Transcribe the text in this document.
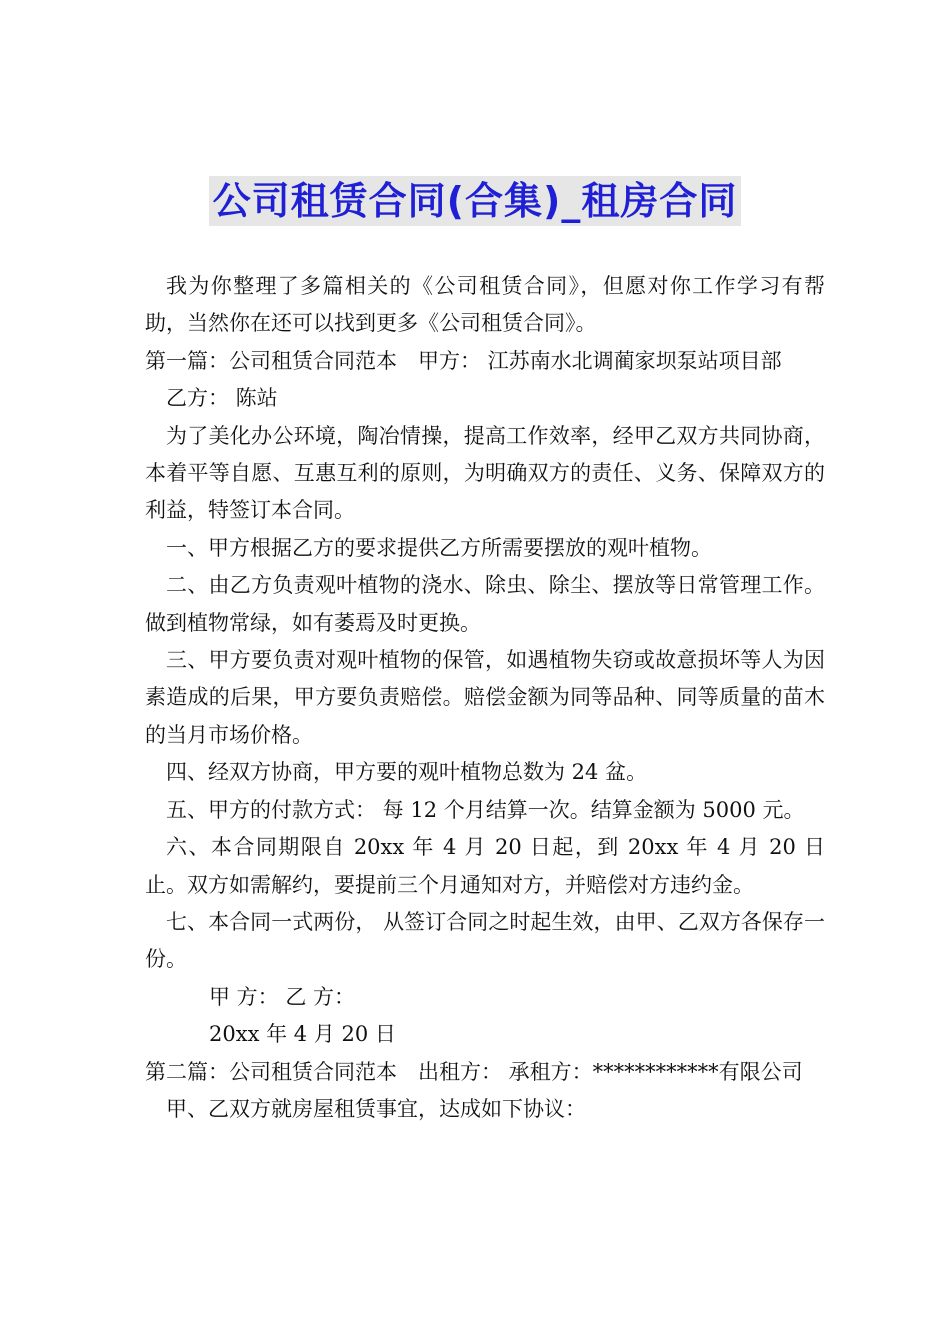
公司租赁合同(合集)_租房合同

我为你整理了多篇相关的《公司租赁合同》，但愿对你工作学习有帮助，当然你在还可以找到更多《公司租赁合同》。

第一篇：公司租赁合同范本　甲方： 江苏南水北调蔺家坝泵站项目部

乙方： 陈站

为了美化办公环境，陶冶情操，提高工作效率，经甲乙双方共同协商，本着平等自愿、互惠互利的原则，为明确双方的责任、义务、保障双方的利益，特签订本合同。

一、甲方根据乙方的要求提供乙方所需要摆放的观叶植物。

二、由乙方负责观叶植物的浇水、除虫、除尘、摆放等日常管理工作。做到植物常绿，如有萎焉及时更换。

三、甲方要负责对观叶植物的保管，如遇植物失窃或故意损坏等人为因素造成的后果，甲方要负责赔偿。赔偿金额为同等品种、同等质量的苗木的当月市场价格。

四、经双方协商，甲方要的观叶植物总数为 24 盆。

五、甲方的付款方式： 每 12 个月结算一次。结算金额为 5000 元。

六、本合同期限自 20xx 年 4 月 20 日起，到 20xx 年 4 月 20 日 止。双方如需解约，要提前三个月通知对方，并赔偿对方违约金。

七、本合同一式两份， 从签订合同之时起生效，由甲、乙双方各保存一份。

甲 方： 乙 方：

20xx 年 4 月 20 日

第二篇：公司租赁合同范本　出租方： 承租方：************有限公司

甲、乙双方就房屋租赁事宜，达成如下协议：
